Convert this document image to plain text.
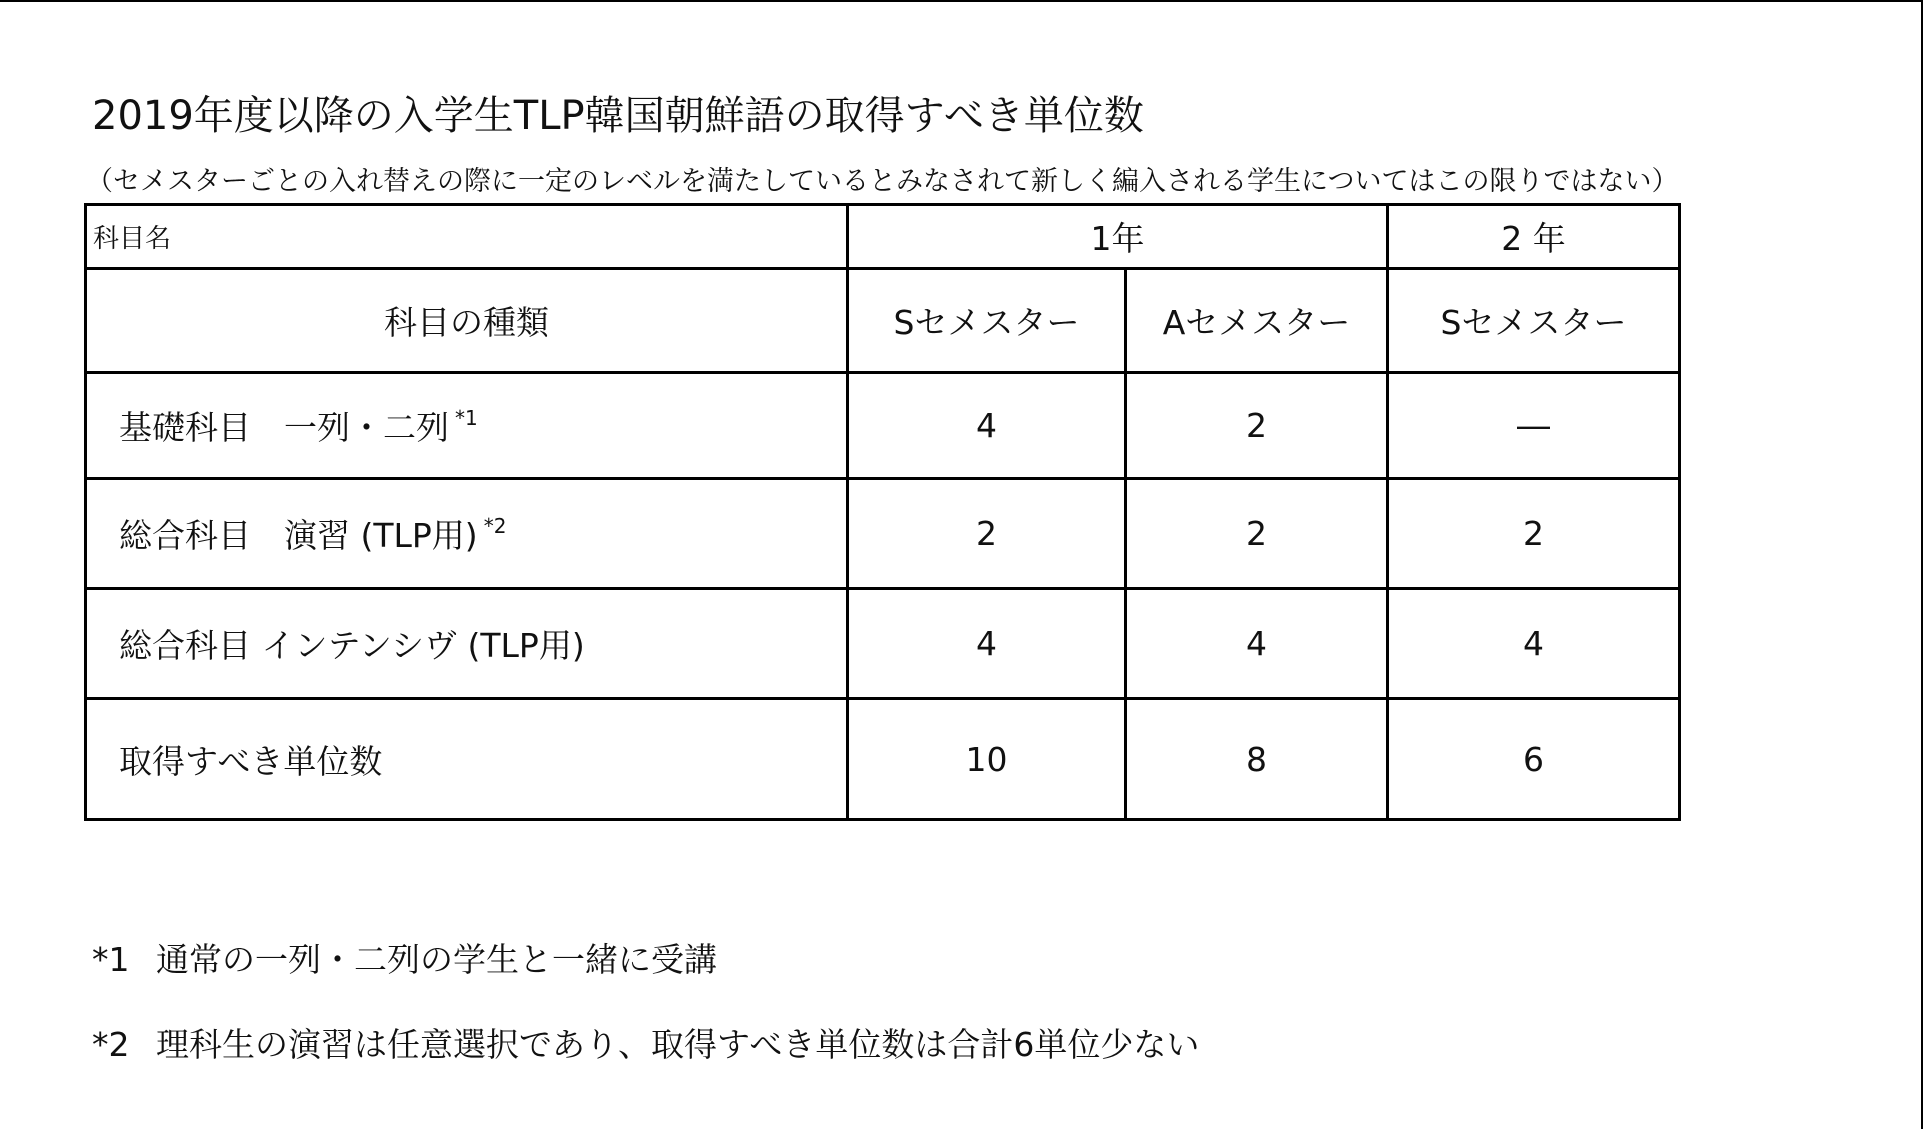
2019年度以降の入学生TLP韓国朝鮮語の取得すべき単位数
（セメスターごとの入れ替えの際に一定のレベルを満たしているとみなされて新しく編入される学生についてはこの限りではない）
科目名	1年		2 年
科目の種類	Sセメスター	Aセメスター	Sセメスター
基礎科目　一列・二列 $^{*1}$	4	2	―
総合科目　演習 (TLP用) $^{*2}$	2	2	2
総合科目 インテンシヴ (TLP用)	4	4	4
取得すべき単位数	10	8	6
*1 通常の一列・二列の学生と一緒に受講
*2 理科生の演習は任意選択であり、取得すべき単位数は合計6単位少ない
